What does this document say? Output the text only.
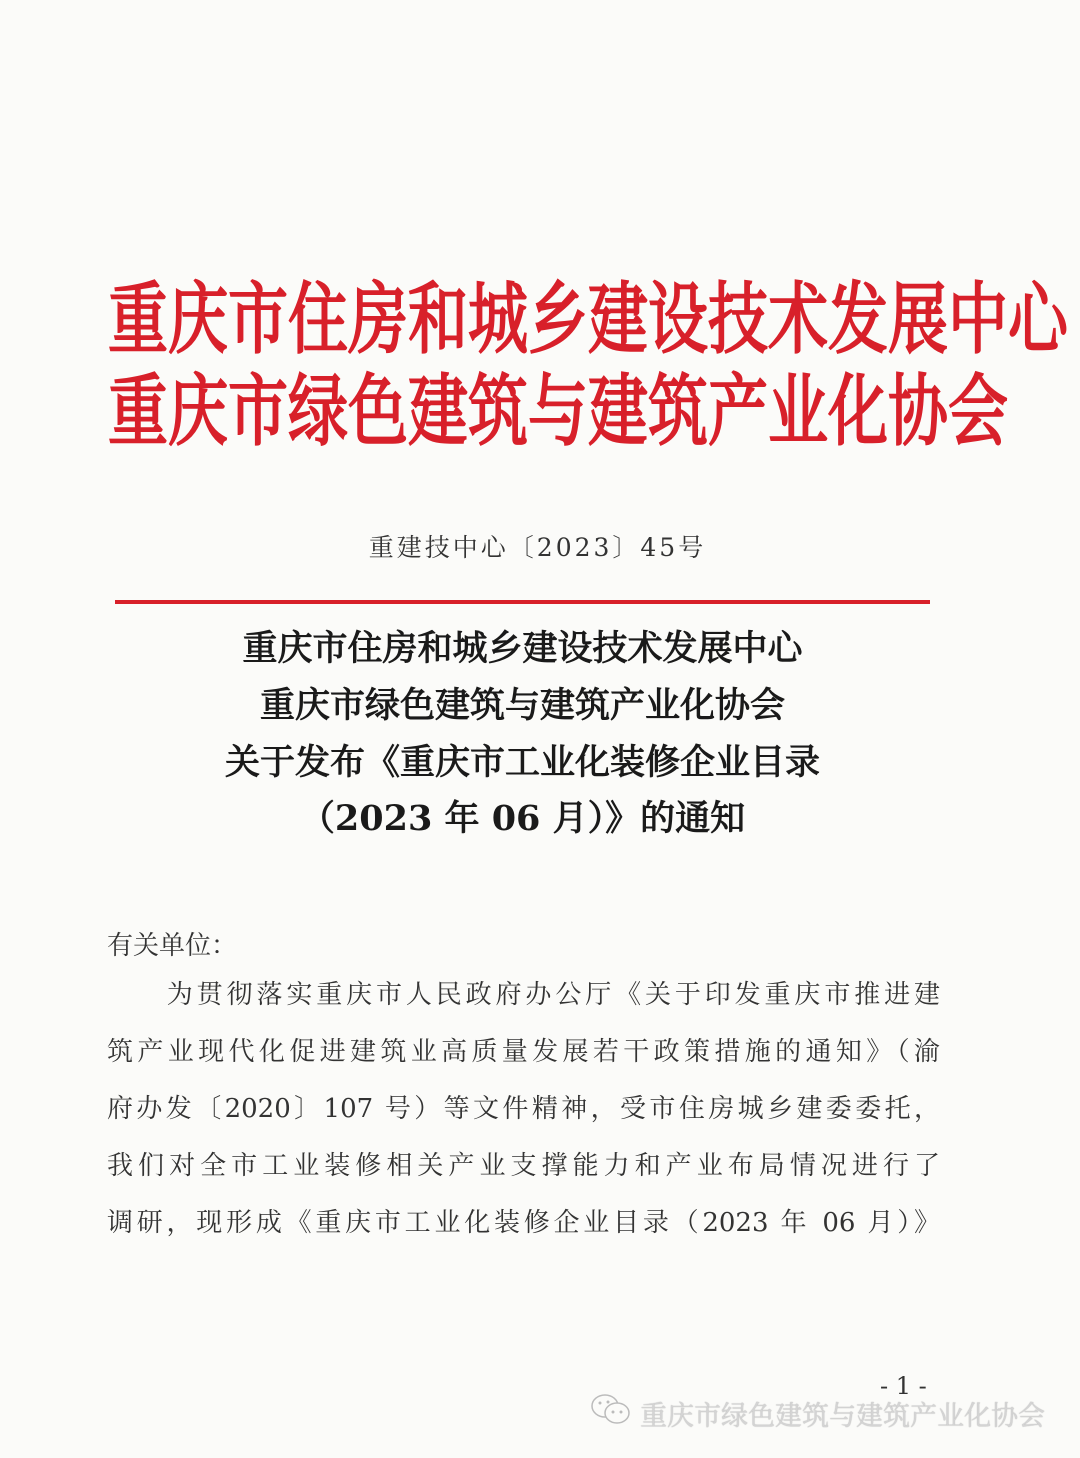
重庆市住房和城乡建设技术发展中心
重庆市绿色建筑与建筑产业化协会
重建技中心〔2023〕45号
重庆市住房和城乡建设技术发展中心
重庆市绿色建筑与建筑产业化协会
关于发布《重庆市工业化装修企业目录
（2023 年 06 月）》的通知
有关单位：
　　为贯彻落实重庆市人民政府办公厅《关于印发重庆市推进建
筑产业现代化促进建筑业高质量发展若干政策措施的通知》（渝
府办发〔2020〕107 号）等文件精神，受市住房城乡建委委托，
我们对全市工业装修相关产业支撑能力和产业布局情况进行了
调研，现形成《重庆市工业化装修企业目录（2023 年 06 月）》
- 1 -
重庆市绿色建筑与建筑产业化协会
